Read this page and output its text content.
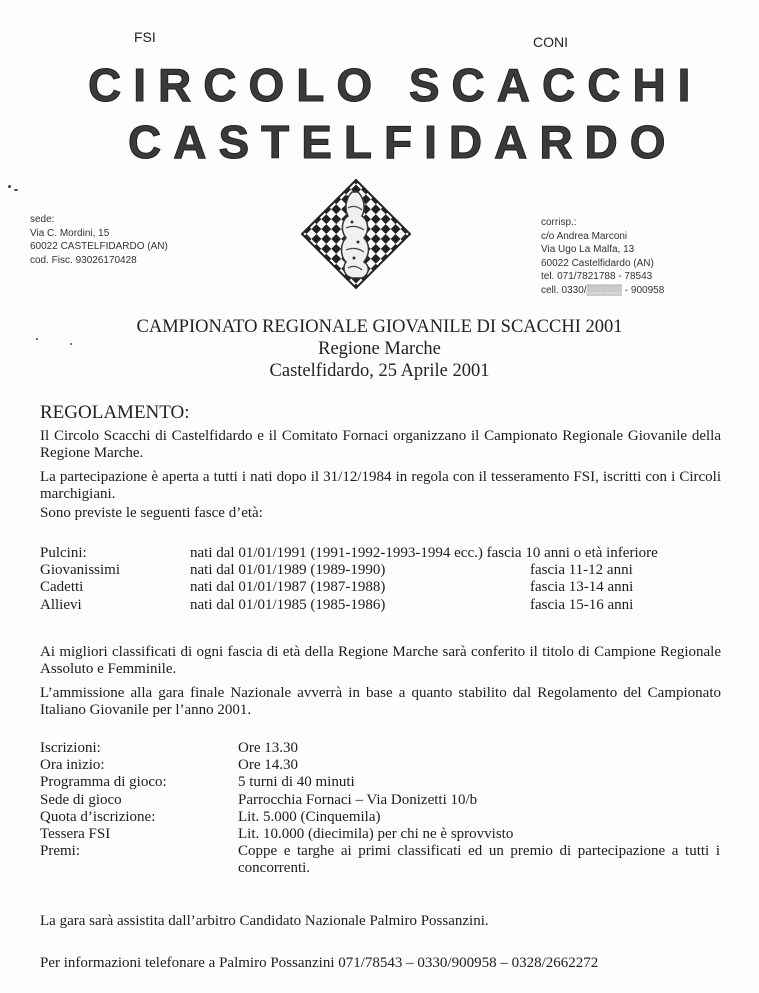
FSI	CONI
CIRCOLO SCACCHI
CASTELFIDARDO
sede:
Via C. Mordini, 15
60022 CASTELFIDARDO (AN)
cod. Fisc. 93026170428
corrisp.:
c/o Andrea Marconi
Via Ugo La Malfa, 13
60022 Castelfidardo (AN)
tel. 071/7821788 - 78543
cell. 0330/▒▒▒▒▒ - 900958
CAMPIONATO REGIONALE GIOVANILE DI SCACCHI 2001
Regione Marche
Castelfidardo, 25 Aprile 2001
REGOLAMENTO:
Il Circolo Scacchi di Castelfidardo e il Comitato Fornaci organizzano il Campionato Regionale Giovanile della Regione Marche.
La partecipazione è aperta a tutti i nati dopo il 31/12/1984 in regola con il tesseramento FSI, iscritti con i Circoli marchigiani.
Sono previste le seguenti fasce d’età:
Pulcini:	nati dal 01/01/1991 (1991-1992-1993-1994 ecc.) fascia 10 anni o età inferiore
Giovanissimi	nati dal 01/01/1989 (1989-1990)	fascia 11-12 anni
Cadetti	nati dal 01/01/1987 (1987-1988)	fascia 13-14 anni
Allievi	nati dal 01/01/1985 (1985-1986)	fascia 15-16 anni
Ai migliori classificati di ogni fascia di età della Regione Marche sarà conferito il titolo di Campione Regionale Assoluto e Femminile.
L’ammissione alla gara finale Nazionale avverrà in base a quanto stabilito dal Regolamento del Campionato Italiano Giovanile per l’anno 2001.
Iscrizioni:	Ore 13.30
Ora inizio:	Ore 14.30
Programma di gioco:	5 turni di 40 minuti
Sede di gioco	Parrocchia Fornaci – Via Donizetti 10/b
Quota d’iscrizione:	Lit. 5.000 (Cinquemila)
Tessera FSI	Lit. 10.000 (diecimila) per chi ne è sprovvisto
Premi:	Coppe e targhe ai primi classificati ed un premio di partecipazione a tutti i concorrenti.
La gara sarà assistita dall’arbitro Candidato Nazionale Palmiro Possanzini.
Per informazioni telefonare a Palmiro Possanzini 071/78543 – 0330/900958 – 0328/2662272
